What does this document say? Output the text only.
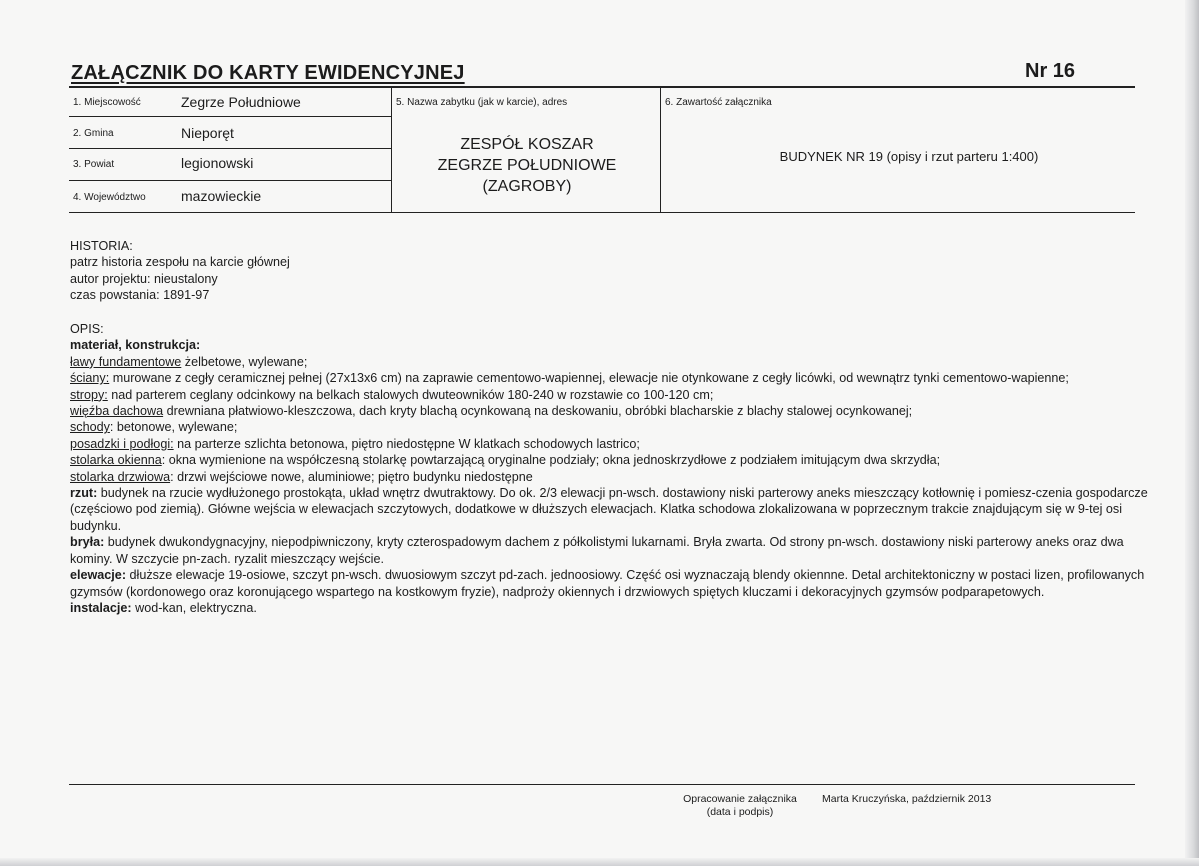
ZAŁĄCZNIK DO KARTY EWIDENCYJNEJ	Nr 16
1. Miejscowość	Zegrze Południowe
2. Gmina	Nieporęt
3. Powiat	legionowski
4. Województwo	mazowieckie
5. Nazwa zabytku (jak w karcie), adres
ZESPÓŁ KOSZAR
ZEGRZE POŁUDNIOWE
(ZAGROBY)
6. Zawartość załącznika
BUDYNEK NR 19 (opisy i rzut parteru 1:400)

HISTORIA:

patrz historia zespołu na karcie głównej

autor projektu: nieustalony

czas powstania: 1891-97

OPIS:

materiał, konstrukcja:

ławy fundamentowe żelbetowe, wylewane;

ściany: murowane z cegły ceramicznej pełnej (27x13x6 cm) na zaprawie cementowo-wapiennej, elewacje nie otynkowane z cegły licówki, od wewnątrz tynki cementowo-wapienne;

stropy: nad parterem ceglany odcinkowy na belkach stalowych dwuteowników 180-240 w rozstawie co 100-120 cm;

więźba dachowa drewniana płatwiowo-kleszczowa, dach kryty blachą ocynkowaną na deskowaniu, obróbki blacharskie z blachy stalowej ocynkowanej;

schody: betonowe, wylewane;

posadzki i podłogi: na parterze szlichta betonowa, piętro niedostępne W klatkach schodowych lastrico;

stolarka okienna: okna wymienione na współczesną stolarkę powtarzającą oryginalne podziały; okna jednoskrzydłowe z podziałem imitującym dwa skrzydła;

stolarka drzwiowa: drzwi wejściowe nowe, aluminiowe; piętro budynku niedostępne

rzut: budynek na rzucie wydłużonego prostokąta, układ wnętrz dwutraktowy. Do ok. 2/3 elewacji pn-wsch. dostawiony niski parterowy aneks mieszczący kotłownię i pomiesz-czenia gospodarcze (częściowo pod ziemią). Główne wejścia w elewacjach szczytowych, dodatkowe w dłuższych elewacjach. Klatka schodowa zlokalizowana w poprzecznym trakcie znajdującym się w 9-tej osi budynku.

bryła: budynek dwukondygnacyjny, niepodpiwniczony, kryty czterospadowym dachem z półkolistymi lukarnami. Bryła zwarta. Od strony pn-wsch. dostawiony niski parterowy aneks oraz dwa kominy. W szczycie pn-zach. ryzalit mieszczący wejście.

elewacje: dłuższe elewacje 19-osiowe, szczyt pn-wsch. dwuosiowym szczyt pd-zach. jednoosiowy. Część osi wyznaczają blendy okiennne. Detal architektoniczny w postaci lizen, profilowanych gzymsów (kordonowego oraz koronującego wspartego na kostkowym fryzie), nadproży okiennych i drzwiowych spiętych kluczami i dekoracyjnych gzymsów podparapetowych.

instalacje: wod-kan, elektryczna.

Opracowanie załącznika
(data i podpis)
Marta Kruczyńska, październik 2013
